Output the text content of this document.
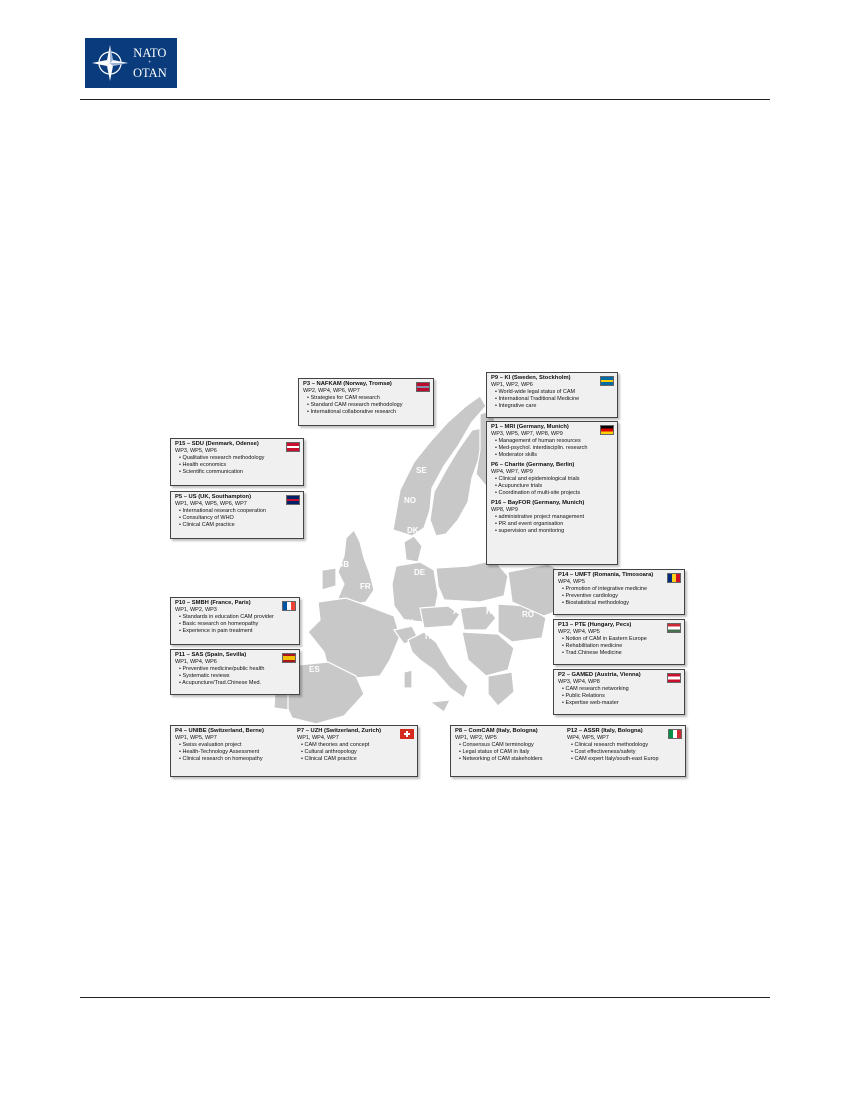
NATO
+
OTAN
SE
NO
DK
GB
DE
FR
AT	HU	RO
CH
IT
ES
P3 – NAFKAM (Norway, Tromsø)
WP2, WP4, WP6, WP7
• Strategies for CAM research
• Standard CAM research methodology
• International collaborative research
P9 – KI (Sweden, Stockholm)
WP1, WP2, WP6
• World-wide legal status of CAM
• International Traditional Medicine
• Integrative care
P15 – SDU (Denmark, Odense)
WP3, WP5, WP6
• Qualitative research methodology
• Health economics
• Scientific communication
P5 – US (UK, Southampton)
WP1, WP4, WP5, WP6, WP7
• International research cooperation
• Consultancy of WHO
• Clinical CAM practice
P1 – MRI (Germany, Munich)
WP3, WP5, WP7, WP8, WP9
• Management of human resources
• Med-psychol. interdisciplin. research
• Moderator skills
P6 – Charite (Germany, Berlin)
WP4, WP7, WP9
• Clinical and epidemiological trials
• Acupuncture trials
• Coordination of multi-site projects
P16 – BayFOR (Germany, Munich)
WP8, WP9
• administrative project management
• PR and event organisation
• supervision and monitoring
P14 – UMFT (Romania, Timosoara)
WP4, WP5
• Promotion of integrative medicine
• Preventive cardiology
• Biostatistical methodology
P10 – SMBH (France, Paris)
WP1, WP2, WP3
• Standards in education CAM provider
• Basic research on homeopathy
• Experience in pain treatment
P13 – PTE (Hungary, Pecs)
WP2, WP4, WP5
• Notion of CAM in Eastern Europe
• Rehabilitation medicine
• Trad.Chinese Medicine
P11 – SAS (Spain, Sevilla)
WP1, WP4, WP6
• Preventive medicine/public health
• Systematic reviews
• Acupuncture/Trad.Chinese Med.
P2 – GAMED (Austria, Vienna)
WP3, WP4, WP8
• CAM research networking
• Public Relations
• Expertise web-master
P4 – UNIBE (Switzerland, Berne)
WP1, WP5, WP7
• Swiss evaluation project
• Health-Technology Assessment
• Clinical research on homeopathy
P7 – UZH (Switzerland, Zurich)
WP1, WP4, WP7
• CAM theories and concept
• Cultural anthropology
• Clinical CAM practice
P8 – ComCAM (Italy, Bologna)
WP1, WP2, WP5
• Consensus CAM terminology
• Legal status of CAM in Italy
• Networking of CAM stakeholders
P12 – ASSR (Italy, Bologna)
WP4, WP5, WP7
• Clinical research methodology
• Cost effectiveness/safety
• CAM expert Italy/south-east Europ
